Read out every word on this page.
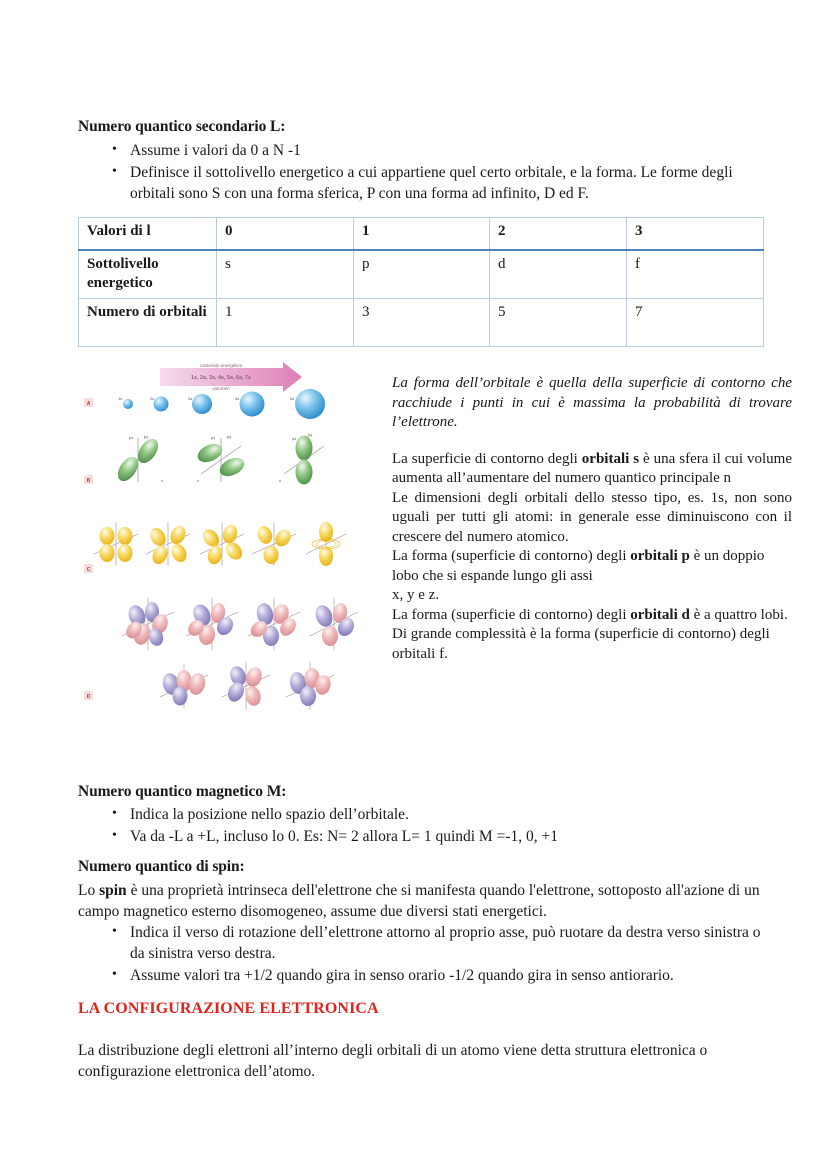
Numero quantico secondario L:
• Assume i valori da 0 a N -1
• Definisce il sottolivello energetico a cui appartiene quel certo orbitale, e la forma. Le forme degli orbitali sono S con una forma sferica, P con una forma ad infinito, D ed F.
Valori di l	0	1	2	3
Sottolivello energetico	s	p	d	f
Numero di orbitali	1	3	5	7
contenido energético
1s, 2s, 3s, 4s, 5s, 6s, 7s
volumen
A
1s	2s	3s	4s	5s
B
pz	py
x
pz	py
x
pz
py
x
C
D

La forma dell’orbitale è quella della superficie di contorno che racchiude i punti in cui è massima la probabilità di trovare l’elettrone.

La superficie di contorno degli orbitali s è una sfera il cui volume aumenta all’aumentare del numero quantico principale n

Le dimensioni degli orbitali dello stesso tipo, es. 1s, non sono uguali per tutti gli atomi: in generale esse diminuiscono con il crescere del numero atomico.

La forma (superficie di contorno) degli orbitali p è un doppio lobo che si espande lungo gli assi

x, y e z.

La forma (superficie di contorno) degli orbitali d è a quattro lobi.

Di grande complessità è la forma (superficie di contorno) degli orbitali f.

Numero quantico magnetico M:
• Indica la posizione nello spazio dell’orbitale.
• Va da -L a +L, incluso lo 0. Es: N= 2 allora L= 1 quindi M =-1, 0, +1
Numero quantico di spin:

Lo spin è una proprietà intrinseca dell'elettrone che si manifesta quando l'elettrone, sottoposto all'azione di un campo magnetico esterno disomogeneo, assume due diversi stati energetici.

• Indica il verso di rotazione dell’elettrone attorno al proprio asse, può ruotare da destra verso sinistra o da sinistra verso destra.
• Assume valori tra +1/2 quando gira in senso orario -1/2 quando gira in senso antiorario.
LA CONFIGURAZIONE ELETTRONICA

La distribuzione degli elettroni all’interno degli orbitali di un atomo viene detta struttura elettronica o configurazione elettronica dell’atomo.
